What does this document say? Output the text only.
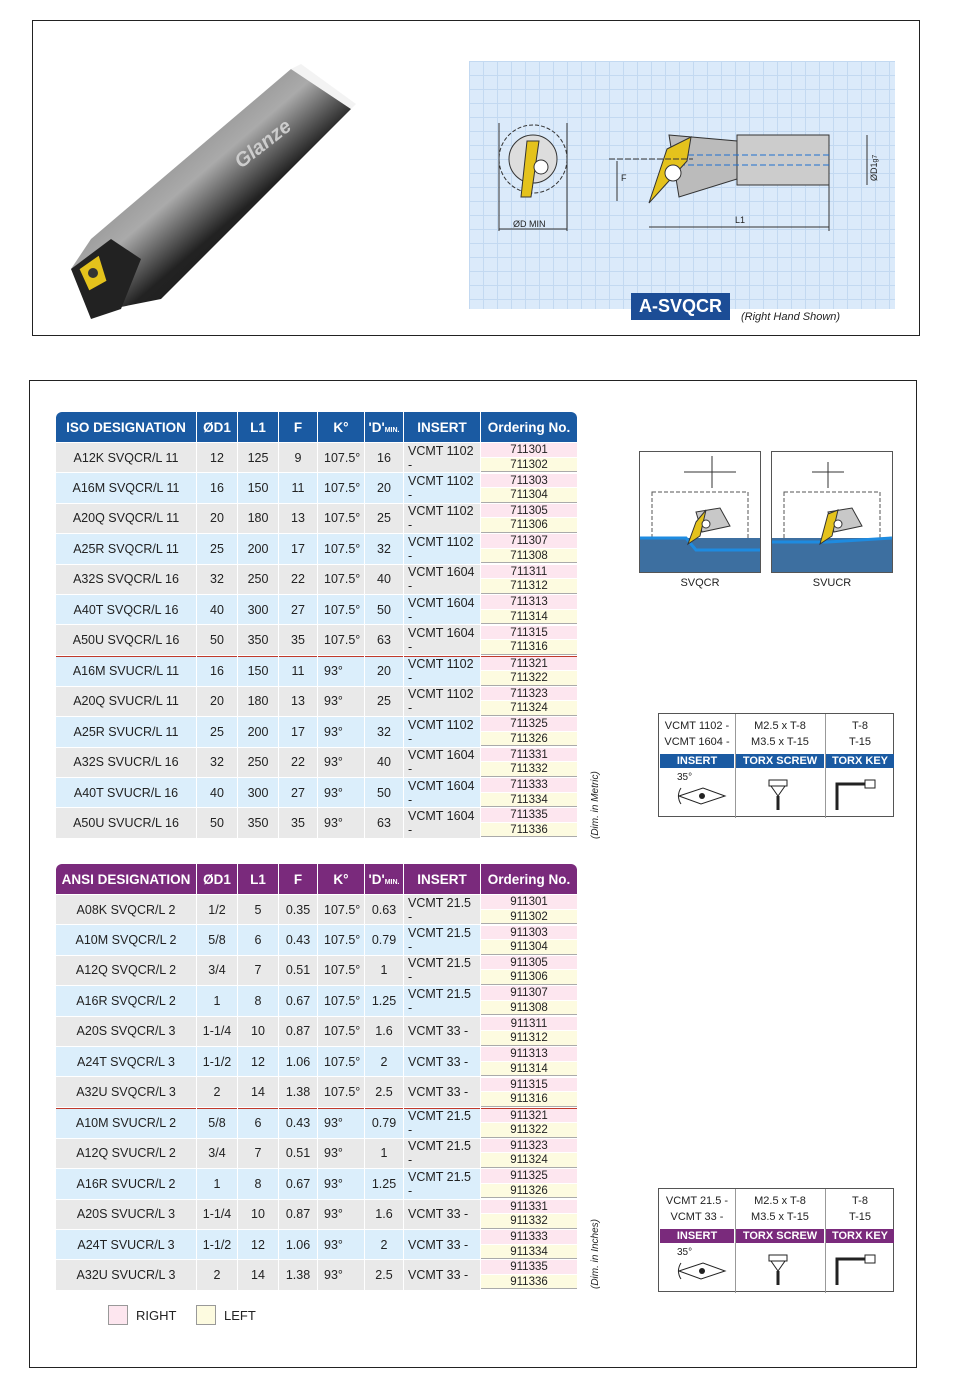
Glanze
ØD MIN	L1
F	ØD1g7
A-SVQCR
(Right Hand Shown)
ISO DESIGNATION	ØD1	L1	F	K°	'D'MIN.	INSERT	Ordering No.
A12K SVQCR/L 11	12	125	9	107.5°	16	VCMT 1102 -	711301
711302

A16M SVQCR/L 11	16	150	11	107.5°	20	VCMT 1102 -	711303
711304

A20Q SVQCR/L 11	20	180	13	107.5°	25	VCMT 1102 -	711305
711306

A25R SVQCR/L 11	25	200	17	107.5°	32	VCMT 1102 -	711307
711308

A32S SVQCR/L 16	32	250	22	107.5°	40	VCMT 1604 -	711311
711312

A40T SVQCR/L 16	40	300	27	107.5°	50	VCMT 1604 -	711313
711314

A50U SVQCR/L 16	50	350	35	107.5°	63	VCMT 1604 -	711315
711316

A16M SVUCR/L 11	16	150	11	93°	20	VCMT 1102 -	711321
711322

A20Q SVUCR/L 11	20	180	13	93°	25	VCMT 1102 -	711323
711324

A25R SVUCR/L 11	25	200	17	93°	32	VCMT 1102 -	711325
711326

A32S SVUCR/L 16	32	250	22	93°	40	VCMT 1604 -	711331
711332

A40T SVUCR/L 16	40	300	27	93°	50	VCMT 1604 -	711333
711334

A50U SVUCR/L 16	50	350	35	93°	63	VCMT 1604 -	711335
711336	(Dim. in Metric)
ANSI DESIGNATION	ØD1	L1	F	K°	'D'MIN.	INSERT	Ordering No.
A08K SVQCR/L 2	1/2	5	0.35	107.5°	0.63	VCMT 21.5 -	911301
911302

A10M SVQCR/L 2	5/8	6	0.43	107.5°	0.79	VCMT 21.5 -	911303
911304

A12Q SVQCR/L 2	3/4	7	0.51	107.5°	1	VCMT 21.5 -	911305
911306

A16R SVQCR/L 2	1	8	0.67	107.5°	1.25	VCMT 21.5 -	911307
911308

A20S SVQCR/L 3	1-1/4	10	0.87	107.5°	1.6	VCMT 33 -	911311
911312

A24T SVQCR/L 3	1-1/2	12	1.06	107.5°	2	VCMT 33 -	911313
911314

A32U SVQCR/L 3	2	14	1.38	107.5°	2.5	VCMT 33 -	911315
911316

A10M SVUCR/L 2	5/8	6	0.43	93°	0.79	VCMT 21.5 -	911321
911322

A12Q SVUCR/L 2	3/4	7	0.51	93°	1	VCMT 21.5 -	911323
911324

A16R SVUCR/L 2	1	8	0.67	93°	1.25	VCMT 21.5 -	911325
911326

A20S SVUCR/L 3	1-1/4	10	0.87	93°	1.6	VCMT 33 -	911331
911332

A24T SVUCR/L 3	1-1/2	12	1.06	93°	2	VCMT 33 -	911333
911334

A32U SVUCR/L 3	2	14	1.38	93°	2.5	VCMT 33 -	911335
911336	(Dim. in Inches)
SVQCR	SVUCR
VCMT 1102 -	M2.5 x T-8	T-8
VCMT 1604 -	M3.5 x T-15	T-15
INSERT	TORX SCREW	TORX KEY
35°
VCMT 21.5 -	M2.5 x T-8	T-8
VCMT 33 -	M3.5 x T-15	T-15
INSERT	TORX SCREW	TORX KEY
35°
RIGHT	LEFT
